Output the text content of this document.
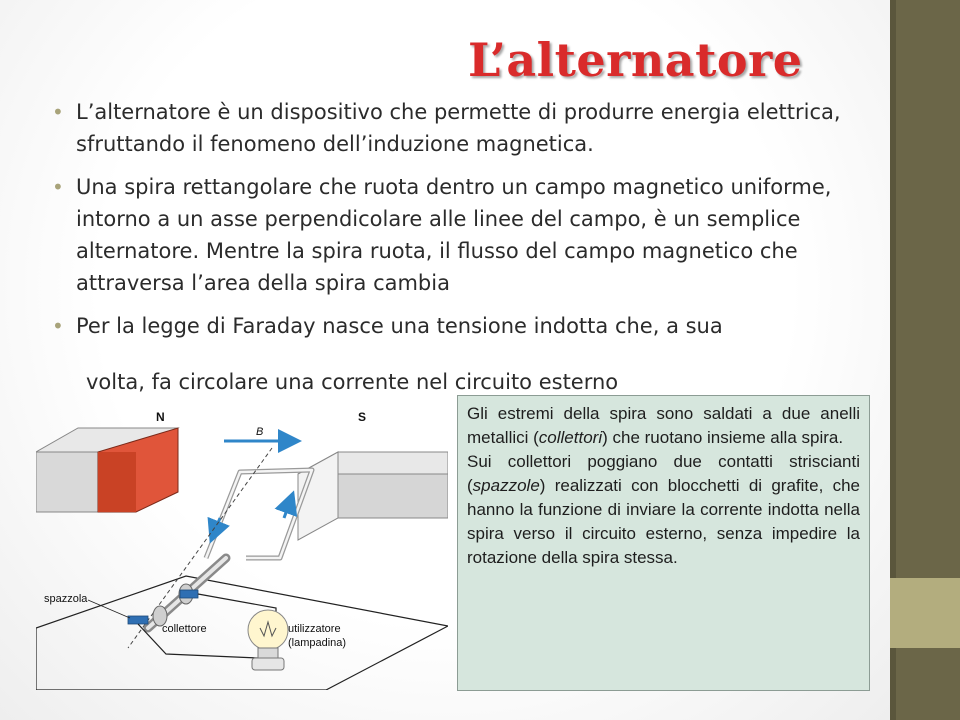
L’alternatore
• L’alternatore è un dispositivo che permette di produrre energia elettrica, sfruttando il fenomeno dell’induzione magnetica.
• Una spira rettangolare che ruota dentro un campo magnetico uniforme, intorno a un asse perpendicolare alle linee del campo, è un semplice alternatore. Mentre la spira ruota, il flusso del campo magnetico che attraversa l’area della spira cambia
• Per la legge di Faraday nasce una tensione indotta che, a sua
volta, fa circolare una corrente nel circuito esterno

Gli estremi della spira sono saldati a due anelli metallici (collettori) che ruotano insieme alla spira.

Sui collettori poggiano due contatti striscianti (spazzole) realizzati con blocchetti di grafite, che hanno la funzione di inviare la corrente indotta nella spira verso il circuito esterno, senza impedire la rotazione della spira stessa.

N	S
B
spazzola
collettore	utilizzatore
(lampadina)
